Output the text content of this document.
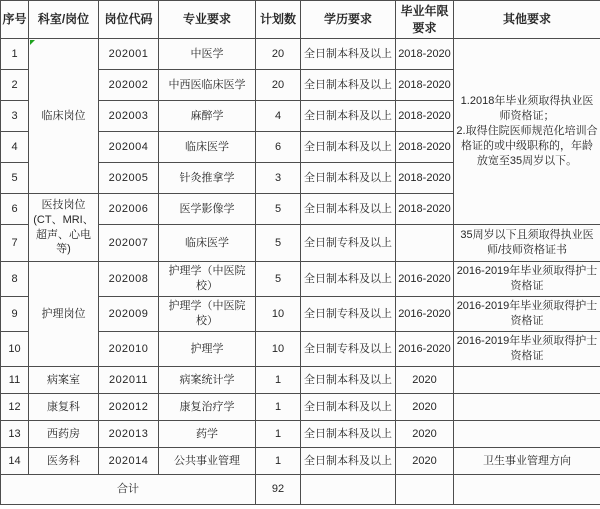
序号	科室/岗位	岗位代码	专业要求	计划数	学历要求	毕业年限要求	其他要求
1	临床岗位	202001	中医学	20	全日制本科及以上	2018-2020	1.2018年毕业须取得执业医师资格证；
2.取得住院医师规范化培训合格证的或中级职称的，年龄放宽至35周岁以下。

2		202002	中西医临床医学	20	全日制本科及以上	2018-2020	
3		202003	麻醉学	4	全日制本科及以上	2018-2020	
4		202004	临床医学	6	全日制本科及以上	2018-2020	
5		202005	针灸推拿学	3	全日制本科及以上	2018-2020	
6	医技岗位
(CT、MRI、超声、心电等)	202006	医学影像学	5	全日制本科及以上	2018-2020	
7		202007	临床医学	5	全日制专科及以上		35周岁以下且须取得执业医师/技师资格证书
8	护理岗位	202008	护理学（中医院校）	5	全日制本科及以上	2016-2020	2016-2019年毕业须取得护士资格证
9		202009	护理学（中医院校）	10	全日制专科及以上	2016-2020	2016-2019年毕业须取得护士资格证
10		202010	护理学	10	全日制专科及以上	2016-2020	2016-2019年毕业须取得护士资格证
11	病案室	202011	病案统计学	1	全日制本科及以上	2020	
12	康复科	202012	康复治疗学	1	全日制本科及以上	2020	
13	西药房	202013	药学	1	全日制本科及以上	2020	
14	医务科	202014	公共事业管理	1	全日制本科及以上	2020	卫生事业管理方向
合计				92			
